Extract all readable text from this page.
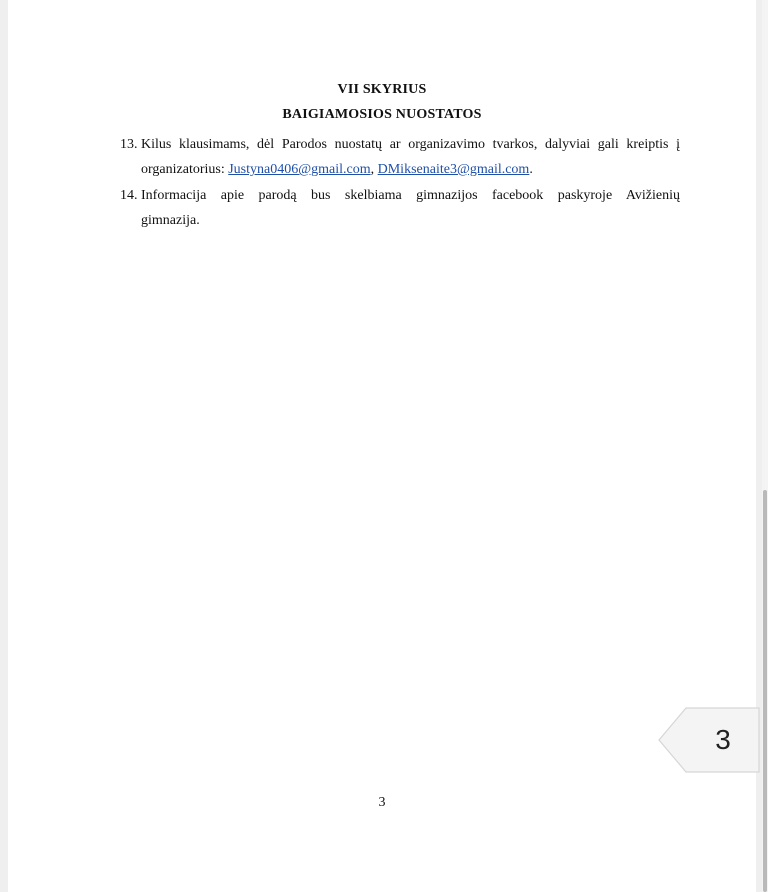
VII SKYRIUS
BAIGIAMOSIOS NUOSTATOS
13. Kilus klausimams, dėl Parodos nuostatų ar organizavimo tvarkos, dalyviai gali kreiptis į
organizatorius: Justyna0406@gmail.com, DMiksenaite3@gmail.com.
14. Informacija apie parodą bus skelbiama gimnazijos facebook paskyroje Avižienių
gimnazija.
3
3
